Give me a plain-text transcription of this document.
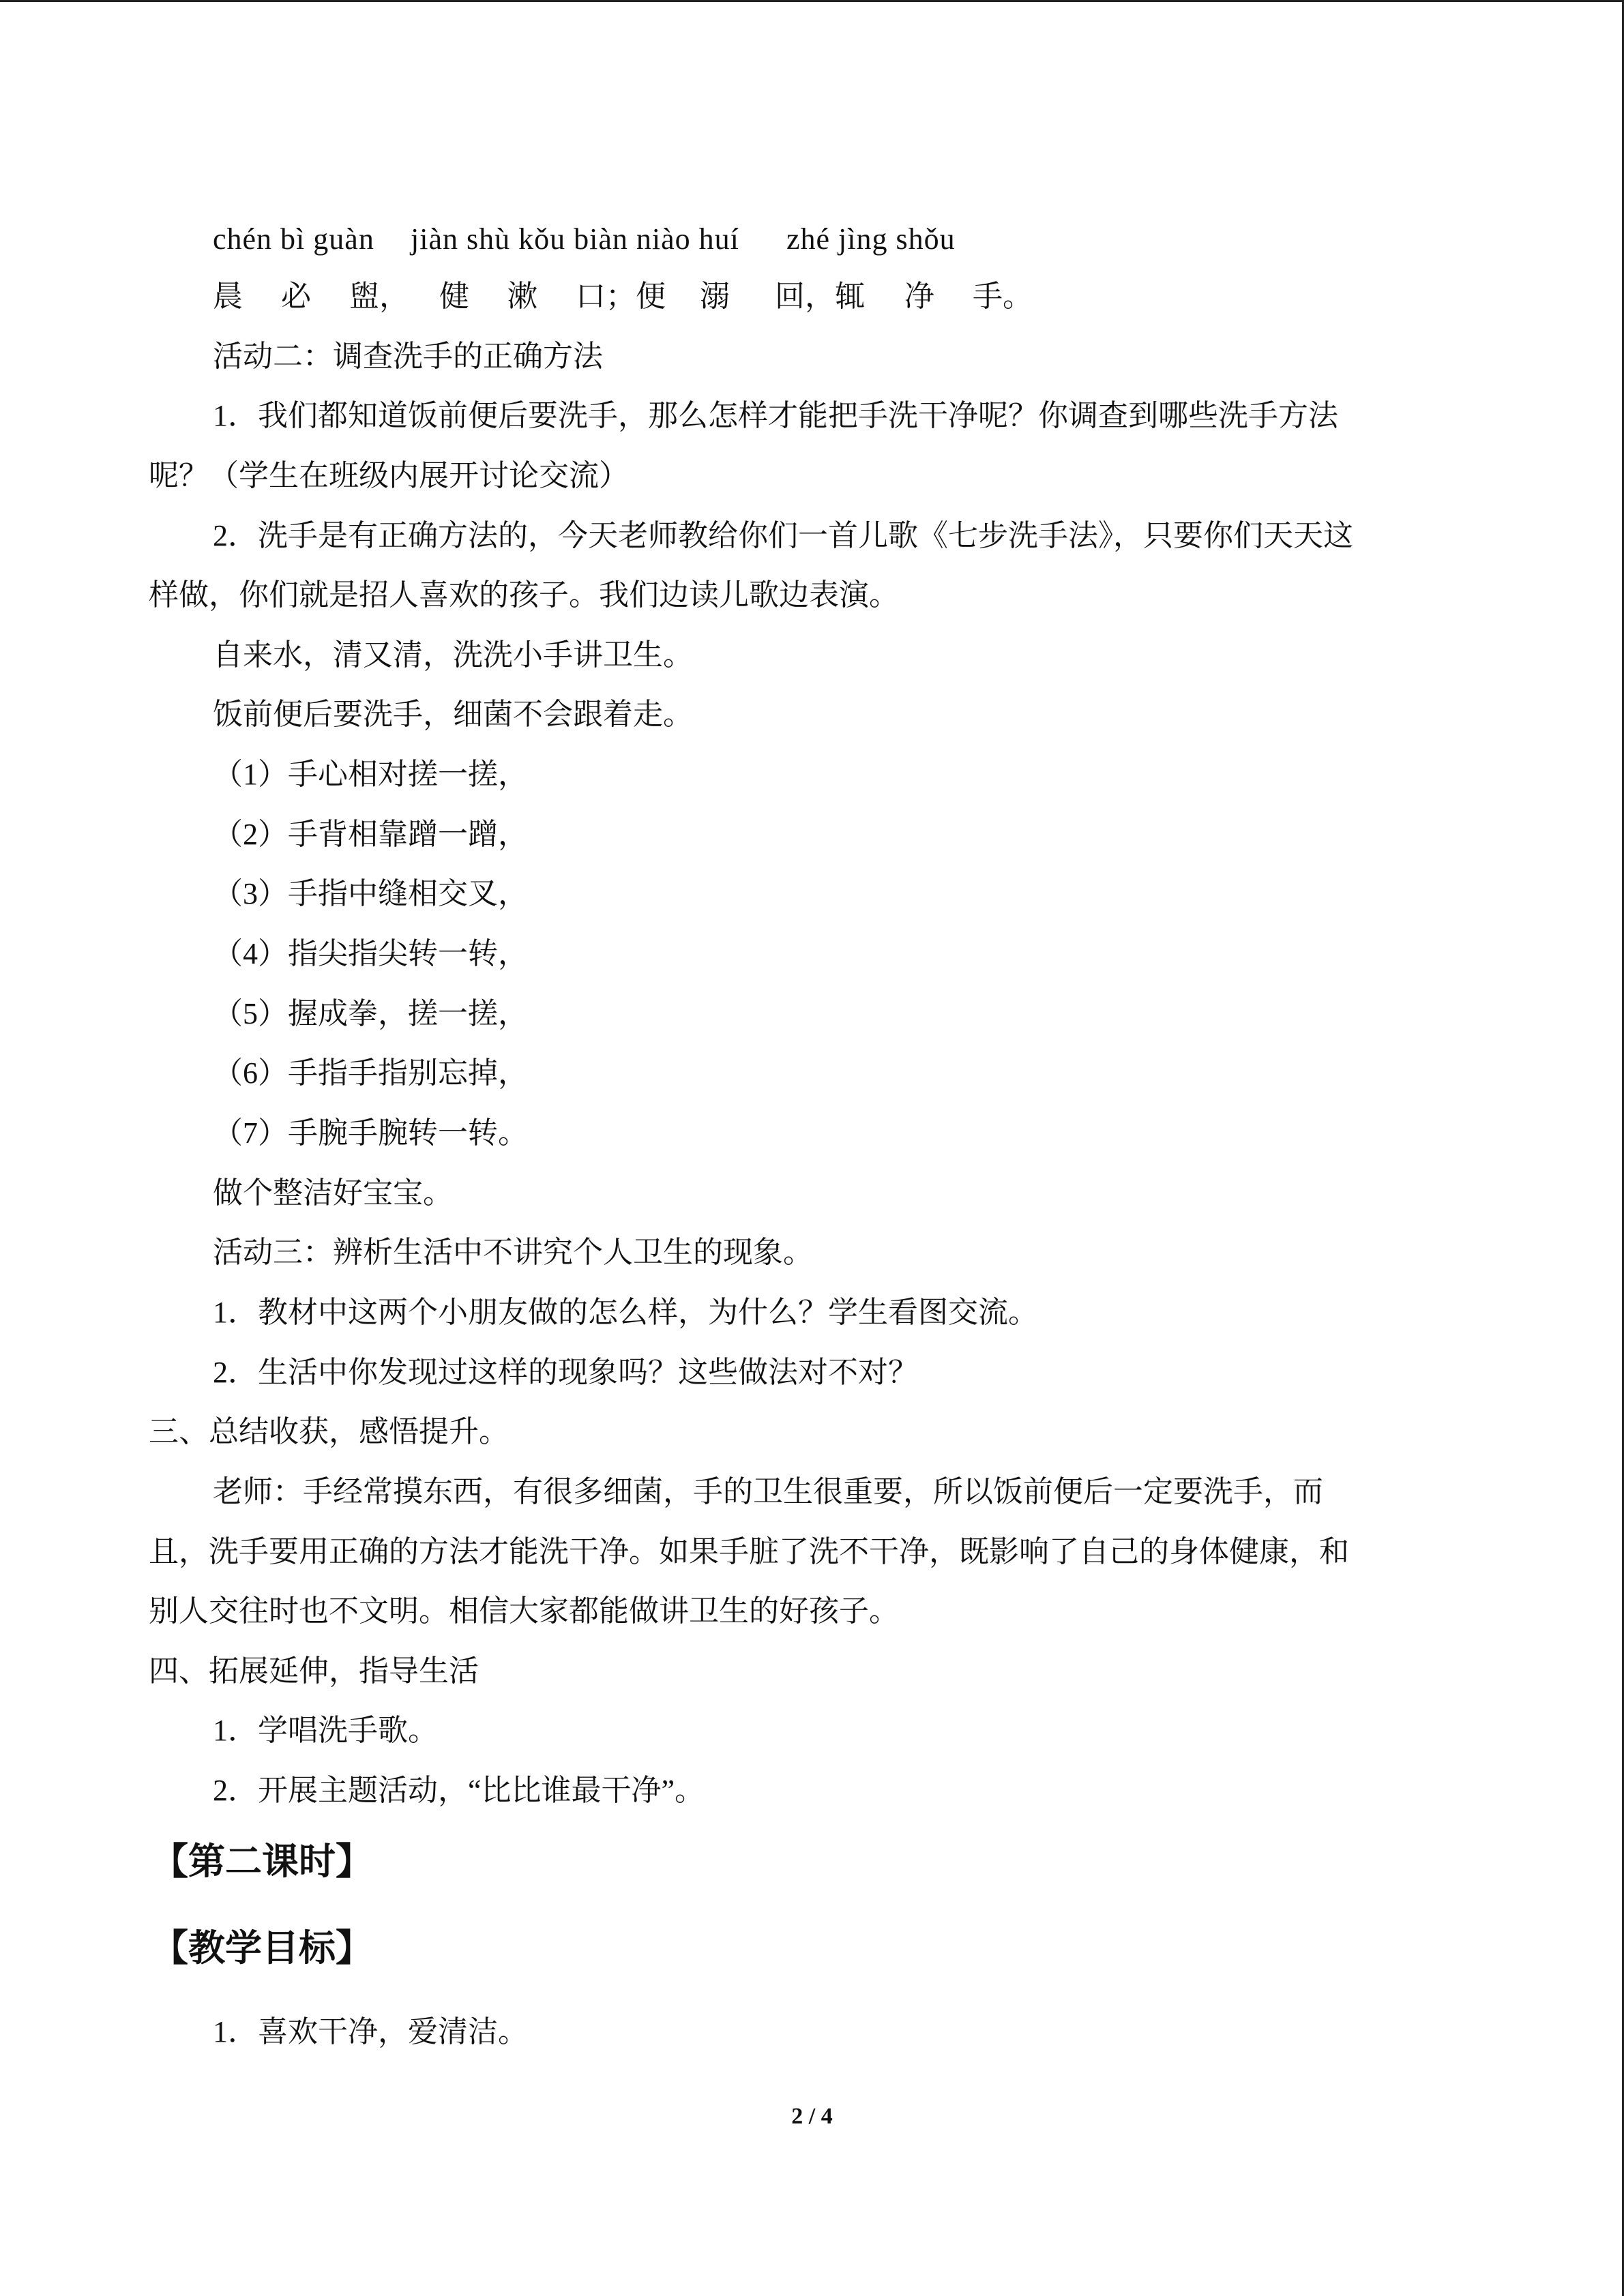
chén bì guàn jiàn shù kǒu biàn niào huí zhé jìng shǒu
晨 必 盥， 健 漱 口；便 溺 回，辄 净 手。
活动二：调查洗手的正确方法
1．我们都知道饭前便后要洗手，那么怎样才能把手洗干净呢？你调查到哪些洗手方法
呢？（学生在班级内展开讨论交流）
2．洗手是有正确方法的，今天老师教给你们一首儿歌《七步洗手法》，只要你们天天这
样做，你们就是招人喜欢的孩子。我们边读儿歌边表演。
自来水，清又清，洗洗小手讲卫生。
饭前便后要洗手，细菌不会跟着走。
（1）手心相对搓一搓，
（2）手背相靠蹭一蹭，
（3）手指中缝相交叉，
（4）指尖指尖转一转，
（5）握成拳，搓一搓，
（6）手指手指别忘掉，
（7）手腕手腕转一转。
做个整洁好宝宝。
活动三：辨析生活中不讲究个人卫生的现象。
1．教材中这两个小朋友做的怎么样，为什么？学生看图交流。
2．生活中你发现过这样的现象吗？这些做法对不对？
三、总结收获，感悟提升。
老师：手经常摸东西，有很多细菌，手的卫生很重要，所以饭前便后一定要洗手，而
且，洗手要用正确的方法才能洗干净。如果手脏了洗不干净，既影响了自己的身体健康，和
别人交往时也不文明。相信大家都能做讲卫生的好孩子。
四、拓展延伸，指导生活
1．学唱洗手歌。
2．开展主题活动，“比比谁最干净”。
【第二课时】
【教学目标】
1．喜欢干净，爱清洁。
2 / 4
